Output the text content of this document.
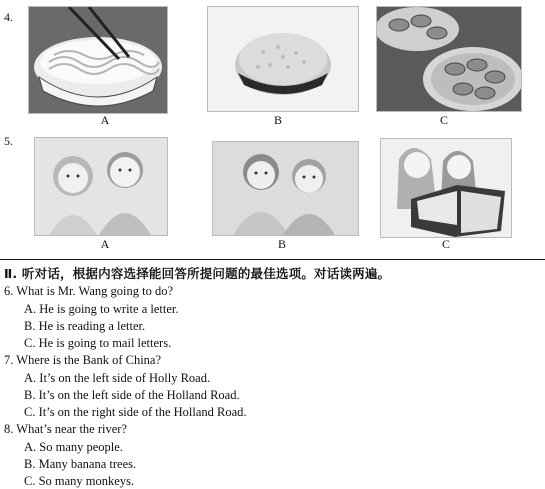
4.
A	B	C
5.
A	B	C
Ⅱ. 听对话，根据内容选择能回答所提问题的最佳选项。对话读两遍。
6. What is Mr. Wang going to do?
A. He is going to write a letter.
B. He is reading a letter.
C. He is going to mail letters.
7. Where is the Bank of China?
A. It’s on the left side of Holly Road.
B. It’s on the left side of the Holland Road.
C. It’s on the right side of the Holland Road.
8. What’s near the river?
A. So many people.
B. Many banana trees.
C. So many monkeys.
